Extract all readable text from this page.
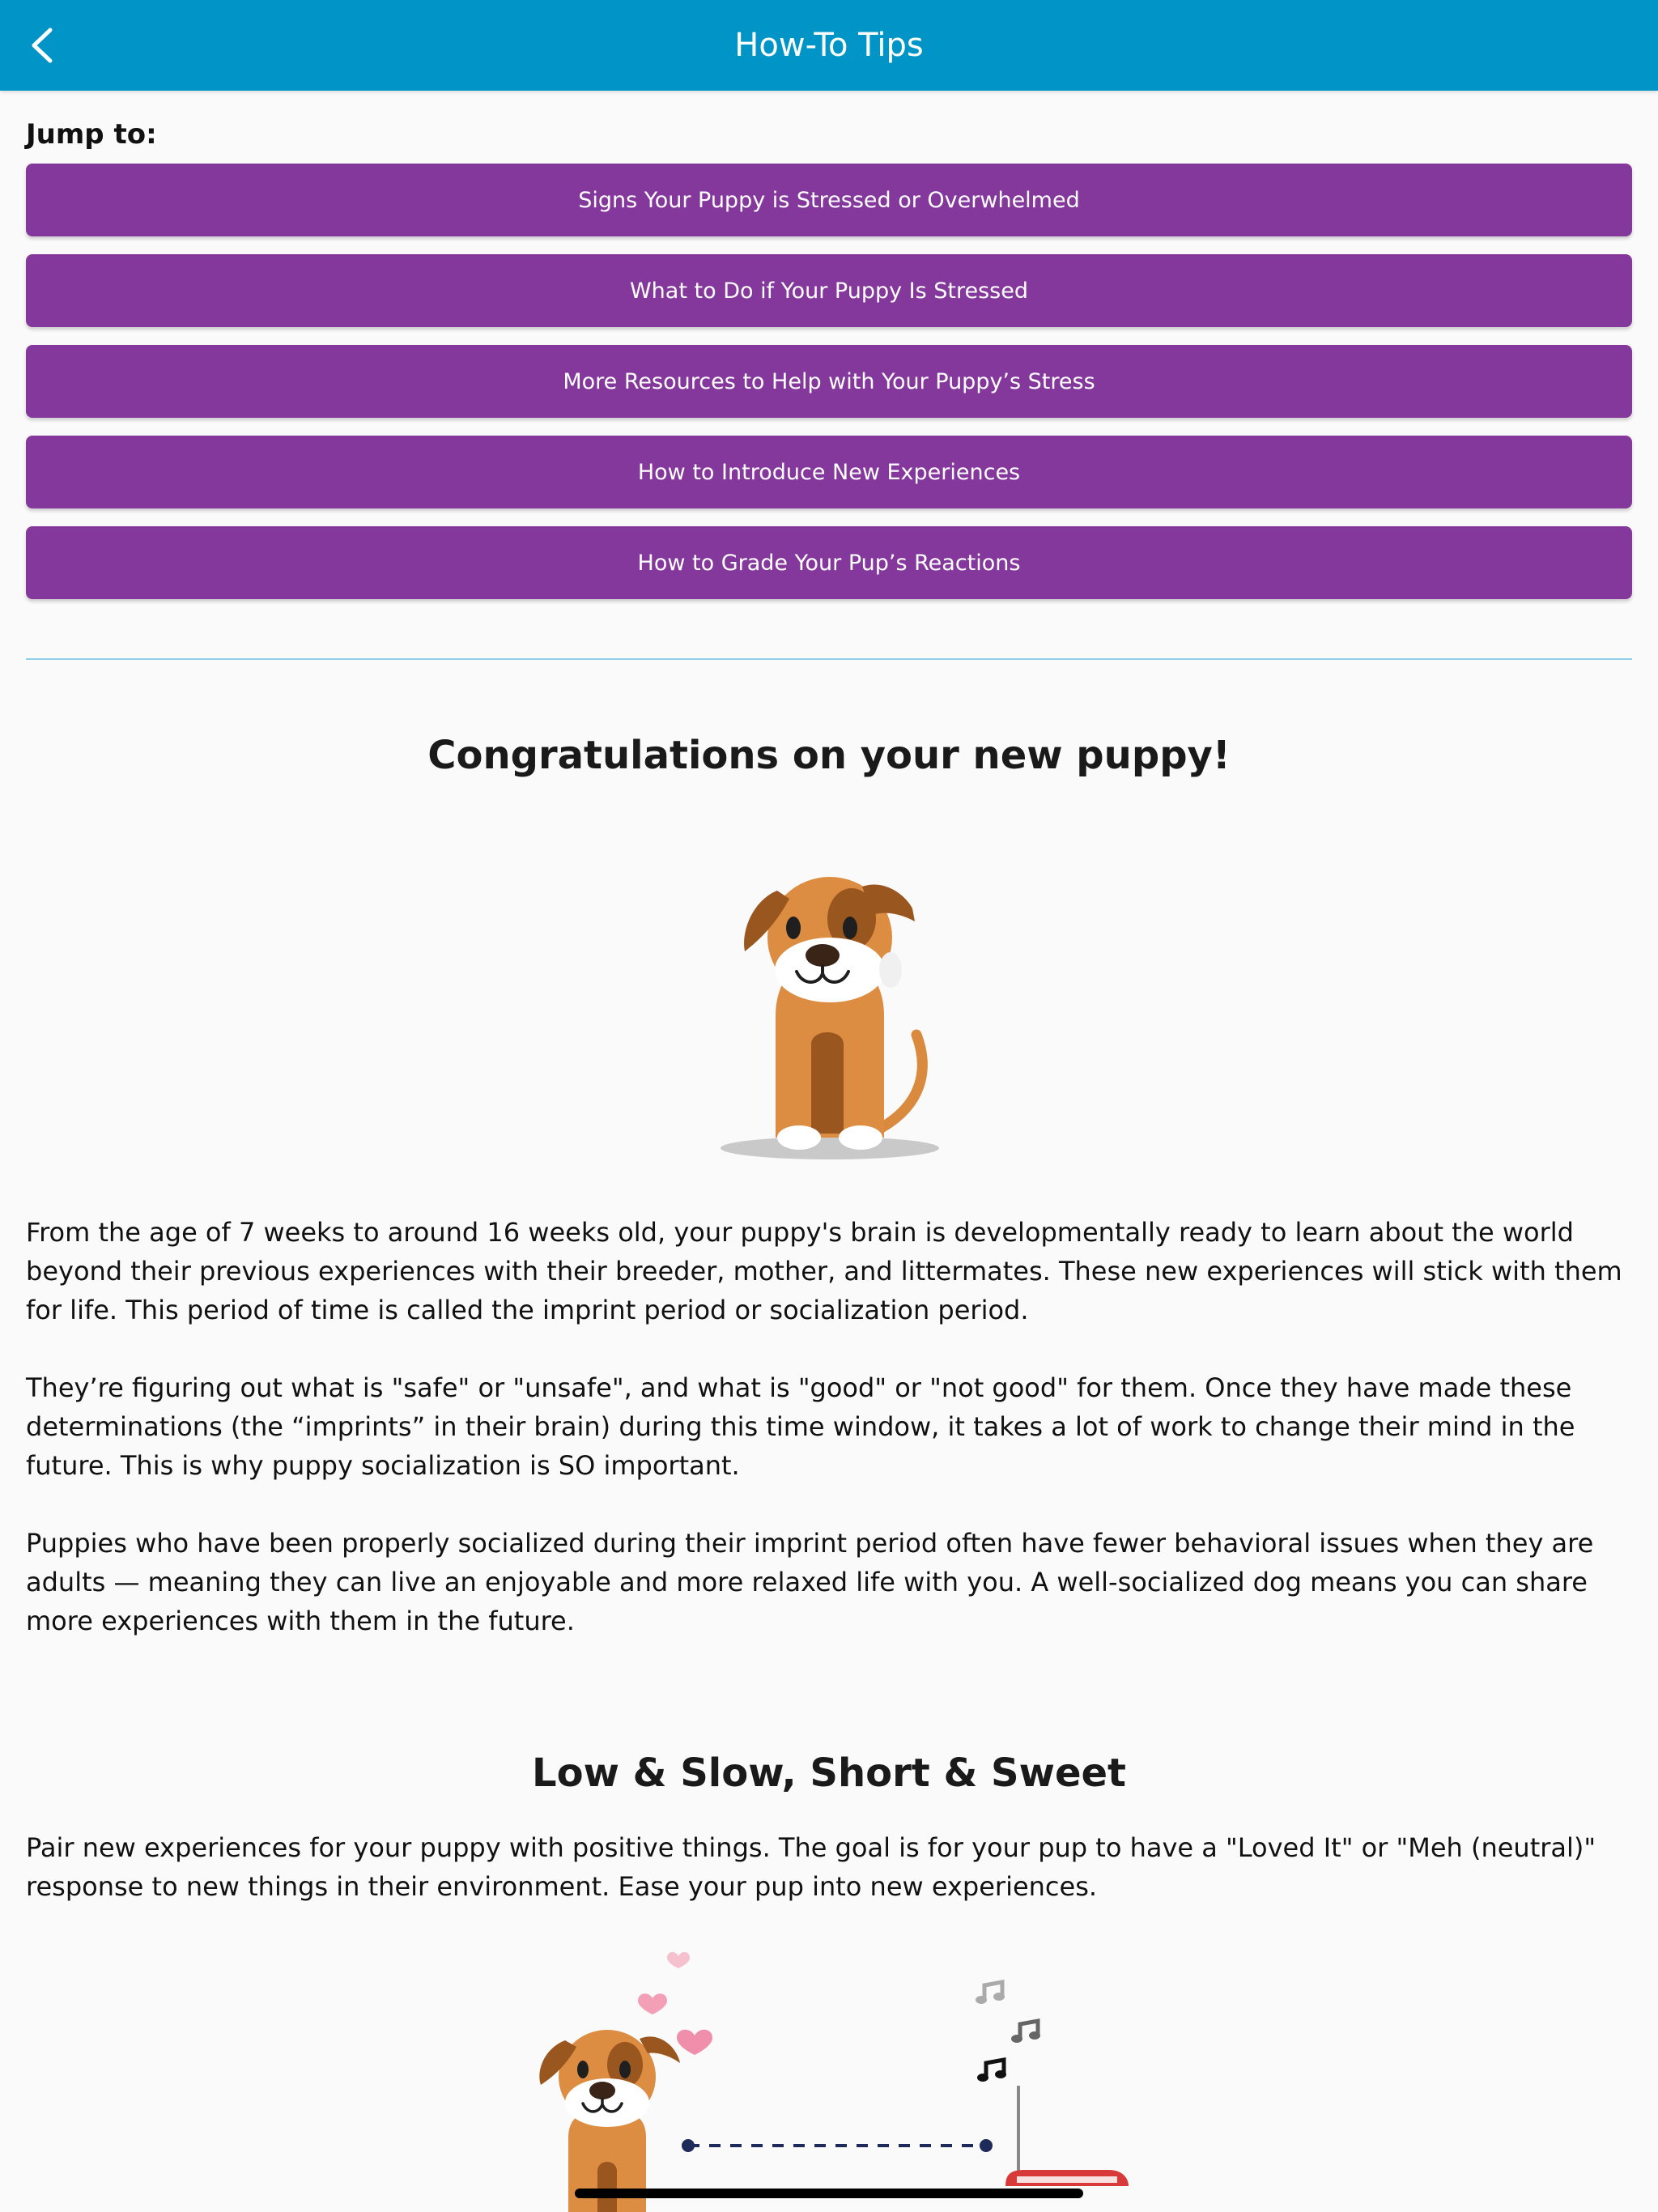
How-To Tips
Jump to:
Signs Your Puppy is Stressed or Overwhelmed
What to Do if Your Puppy Is Stressed
More Resources to Help with Your Puppy’s Stress
How to Introduce New Experiences
How to Grade Your Pup’s Reactions
Congratulations on your new puppy!

From the age of 7 weeks to around 16 weeks old, your puppy's brain is developmentally ready to learn about the world beyond their previous experiences with their breeder, mother, and littermates. These new experiences will stick with them for life. This period of time is called the imprint period or socialization period.

They’re figuring out what is "safe" or "unsafe", and what is "good" or "not good" for them. Once they have made these determinations (the “imprints” in their brain) during this time window, it takes a lot of work to change their mind in the future. This is why puppy socialization is SO important.

Puppies who have been properly socialized during their imprint period often have fewer behavioral issues when they are adults — meaning they can live an enjoyable and more relaxed life with you. A well-socialized dog means you can share more experiences with them in the future.

Low & Slow, Short & Sweet

Pair new experiences for your puppy with positive things. The goal is for your pup to have a "Loved It" or "Meh (neutral)" response to new things in their environment. Ease your pup into new experiences.
